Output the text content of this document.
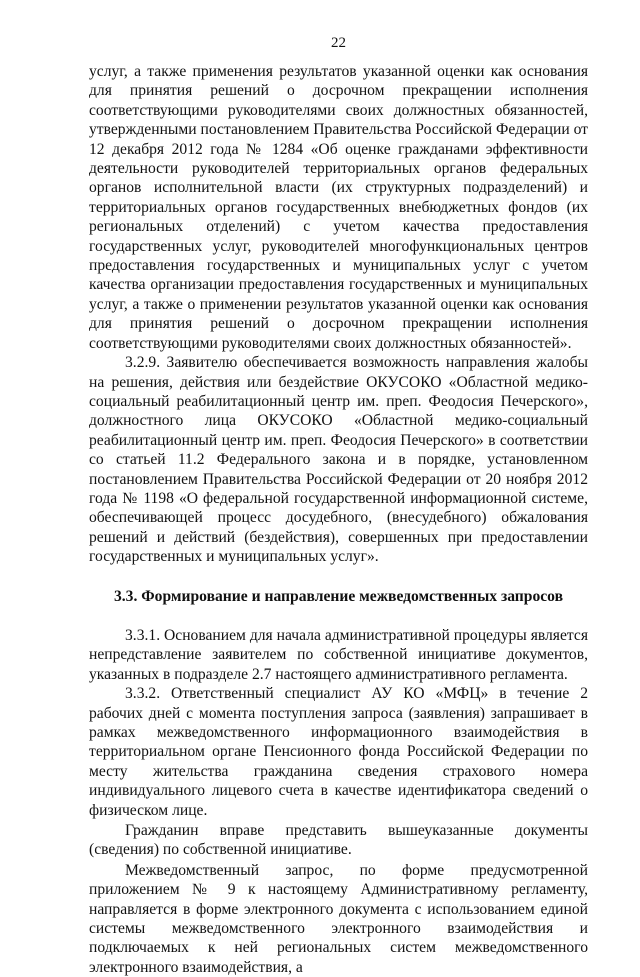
22

услуг, а также применения результатов указанной оценки как основания для принятия решений о досрочном прекращении исполнения соответствующими руководителями своих должностных обязанностей, утвержденными постановлением Правительства Российской Федерации от 12 декабря 2012 года № 1284 «Об оценке гражданами эффективности деятельности руководителей территориальных органов федеральных органов исполнительной власти (их структурных подразделений) и территориальных органов государственных внебюджетных фондов (их региональных отделений) с учетом качества предоставления государственных услуг, руководителей многофункциональных центров предоставления государственных и муниципальных услуг с учетом качества организации предоставления государственных и муниципальных услуг, а также о применении результатов указанной оценки как основания для принятия решений о досрочном прекращении исполнения соответствующими руководителями своих должностных обязанностей».

3.2.9. Заявителю обеспечивается возможность направления жалобы на решения, действия или бездействие ОКУСОКО «Областной медико-социальный реабилитационный центр им. преп. Феодосия Печерского», должностного лица ОКУСОКО «Областной медико-социальный реабилитационный центр им. преп. Феодосия Печерского» в соответствии со статьей 11.2 Федерального закона и в порядке, установленном постановлением Правительства Российской Федерации от 20 ноября 2012 года № 1198 «О федеральной государственной информационной системе, обеспечивающей процесс досудебного, (внесудебного) обжалования решений и действий (бездействия), совершенных при предоставлении государственных и муниципальных услуг».

3.3. Формирование и направление межведомственных запросов

3.3.1. Основанием для начала административной процедуры является непредставление заявителем по собственной инициативе документов, указанных в подразделе 2.7 настоящего административного регламента.

3.3.2. Ответственный специалист АУ КО «МФЦ» в течение 2 рабочих дней с момента поступления запроса (заявления) запрашивает в рамках межведомственного информационного взаимодействия в территориальном органе Пенсионного фонда Российской Федерации по месту жительства гражданина сведения страхового номера индивидуального лицевого счета в качестве идентификатора сведений о физическом лице.

Гражданин вправе представить вышеуказанные документы (сведения) по собственной инициативе.

Межведомственный запрос, по форме предусмотренной приложением № 9 к настоящему Административному регламенту, направляется в форме электронного документа с использованием единой системы межведомственного электронного взаимодействия и подключаемых к ней региональных систем межведомственного электронного взаимодействия, а
